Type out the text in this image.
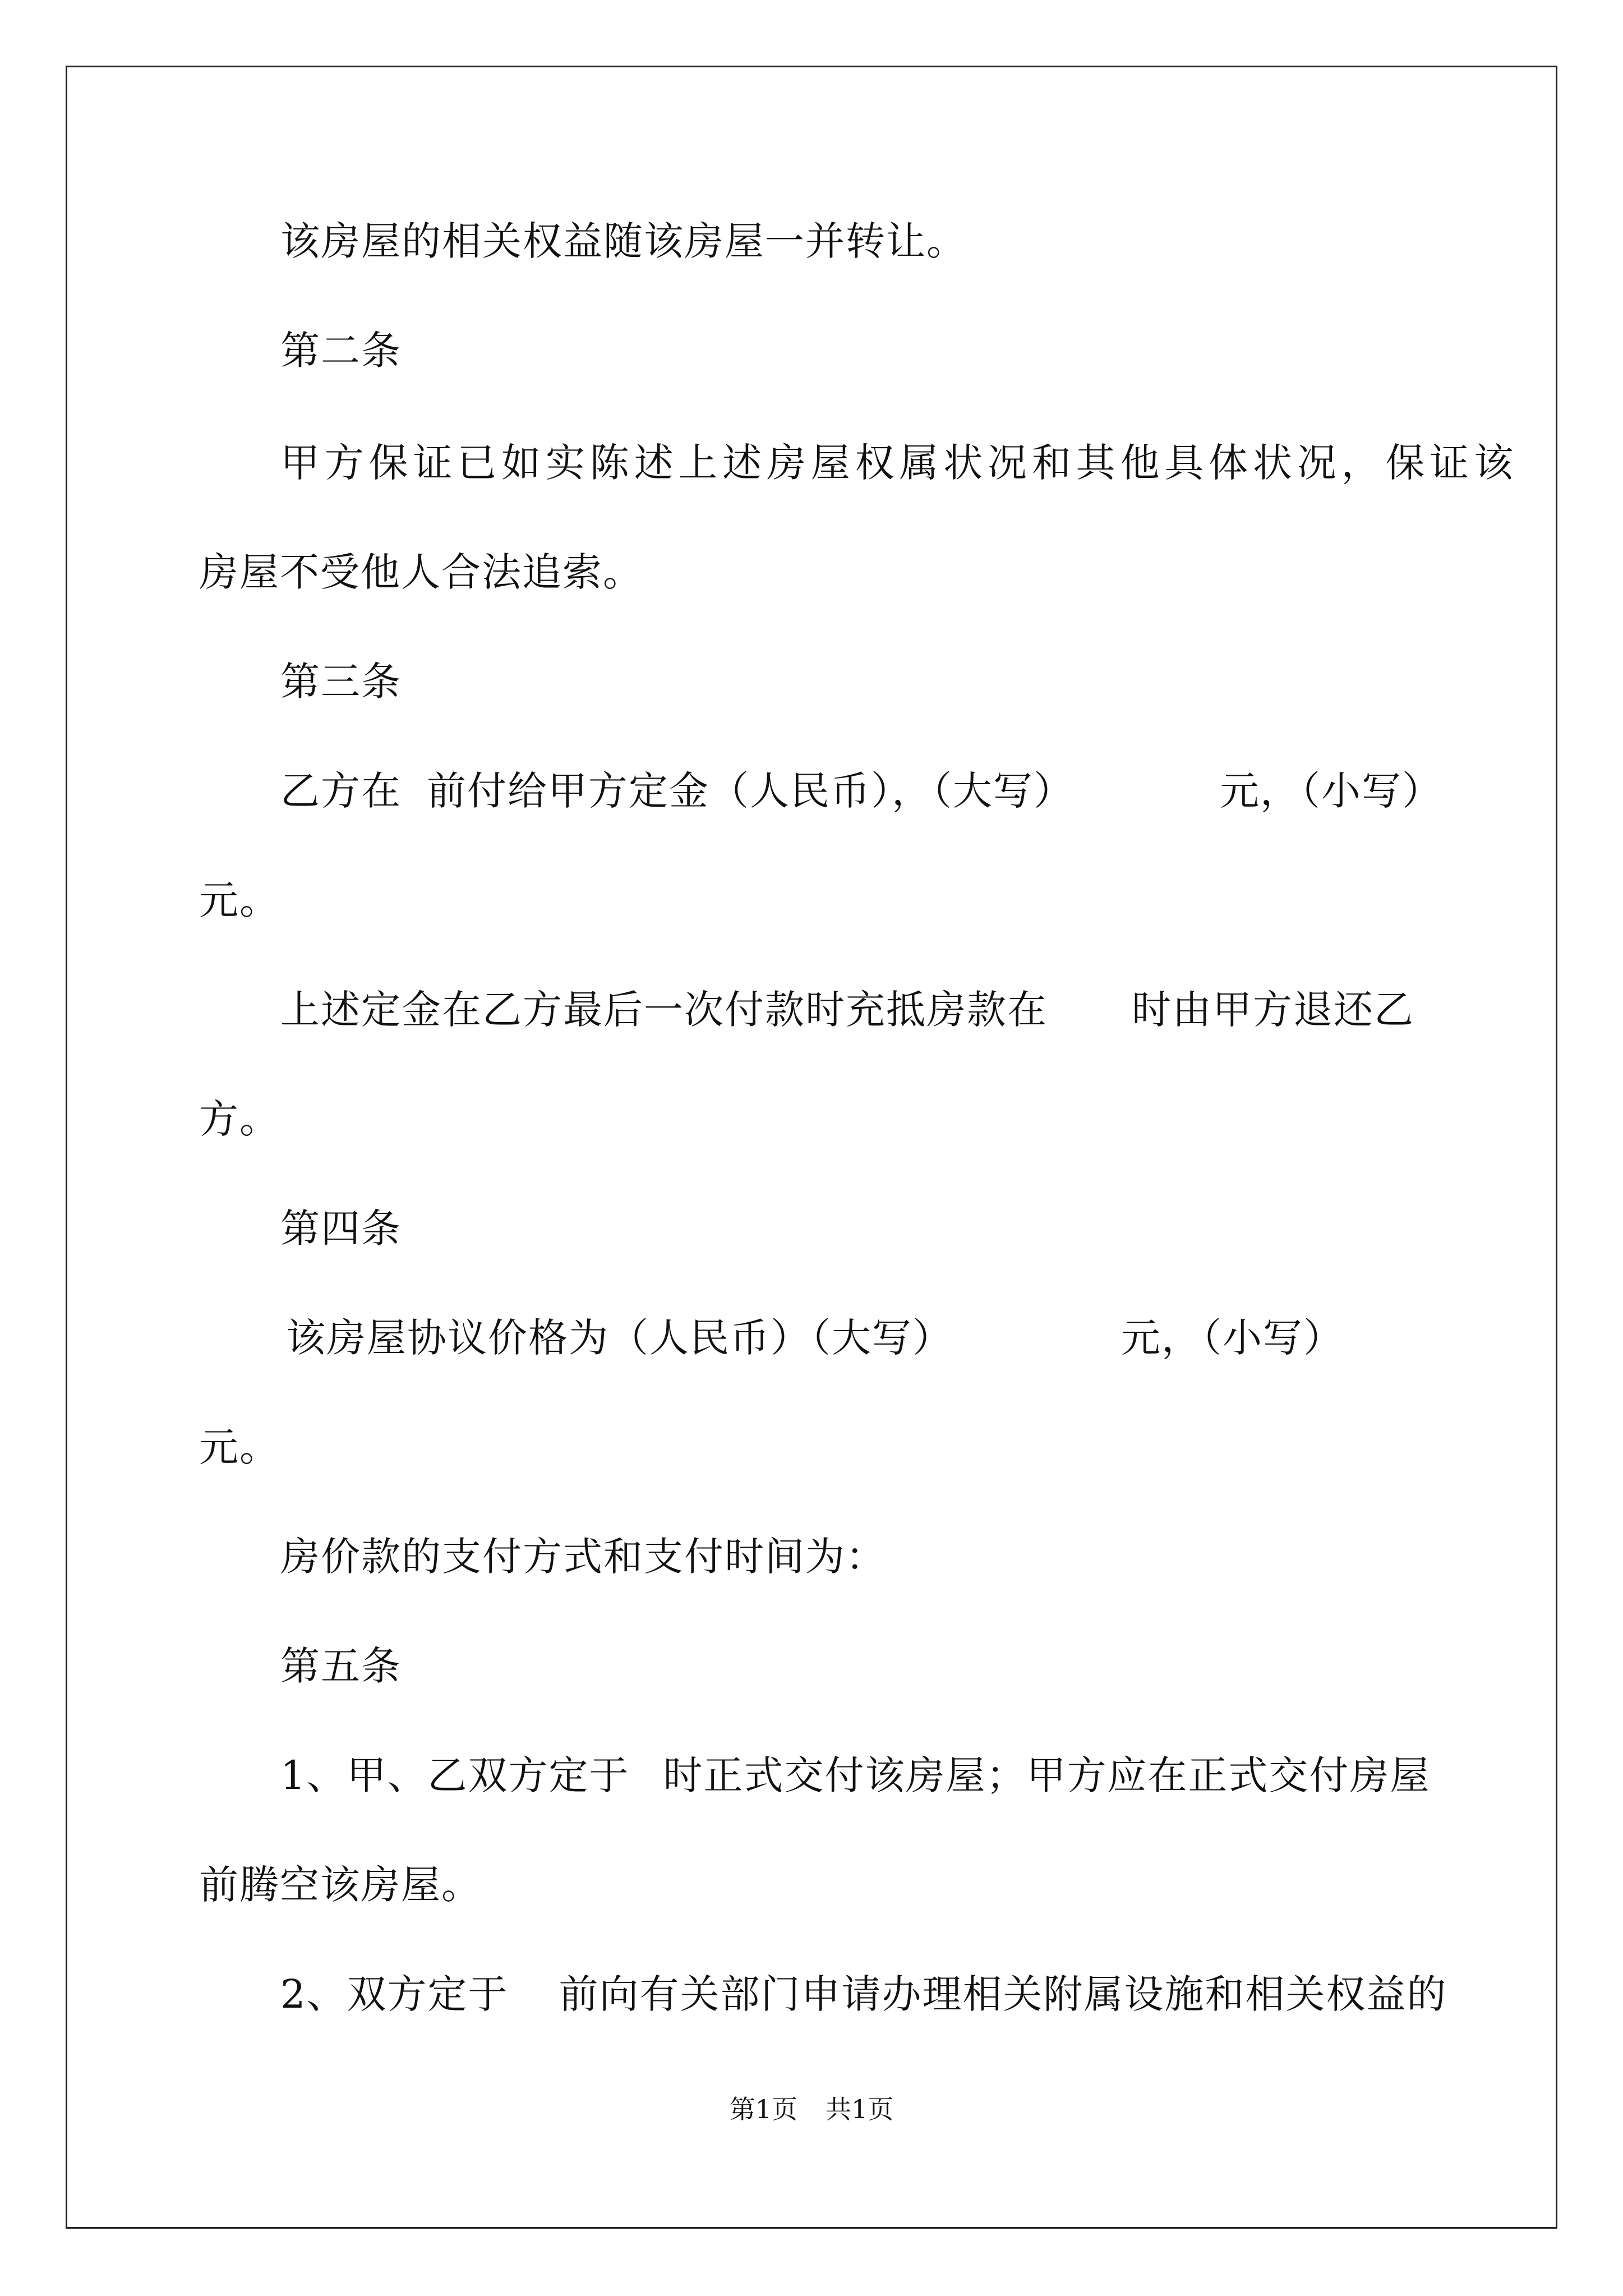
该房屋的相关权益随该房屋一并转让。

第二条

甲方保证已如实陈述上述房屋权属状况和其他具体状况，保证该

房屋不受他人合法追索。

第三条

乙方在 前付给甲方定金（人民币），（大写）	元，（小写）

元。

上述定金在乙方最后一次付款时充抵房款在 时由甲方退还乙

方。

第四条

该房屋协议价格为（人民币）（大写）	元，（小写）

元。

房价款的支付方式和支付时间为：

第五条

1、甲、乙双方定于 时正式交付该房屋；甲方应在正式交付房屋

前腾空该房屋。

2、双方定于 前向有关部门申请办理相关附属设施和相关权益的

第1页 共1页
